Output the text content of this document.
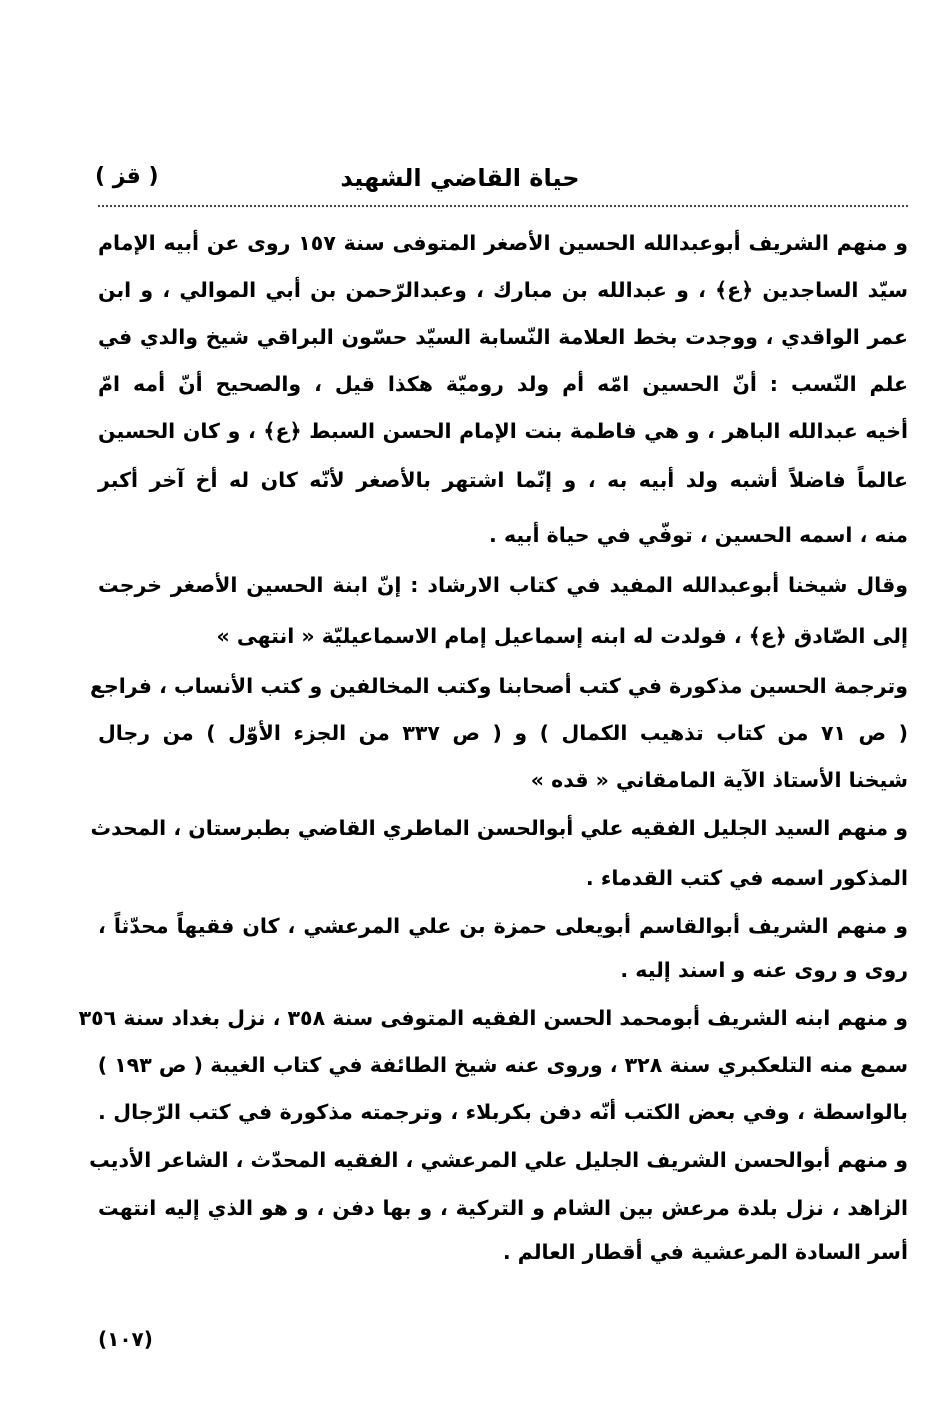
حياة القاضي الشهيد
( قز )
و منهم الشريف أبوعبدالله الحسين الأصغر المتوفى سنة ١٥٧ روى عن أبيه الإمام
سيّد الساجدين ﴿ع﴾ ، و عبدالله بن مبارك ، وعبدالرّحمن بن أبي الموالي ، و ابن
عمر الواقدي ، ووجدت بخط العلامة النّسابة السيّد حسّون البراقي شيخ والدي في
علم النّسب : أنّ الحسين امّه أم ولد روميّة هكذا قيل ، والصحيح أنّ أمه امّ
أخيه عبدالله الباهر ، و هي فاطمة بنت الإمام الحسن السبط ﴿ع﴾ ، و كان الحسين
عالماً فاضلاً أشبه ولد أبيه به ، و إنّما اشتهر بالأصغر لأنّه كان له أخ آخر أكبر
منه ، اسمه الحسين ، توفّي في حياة أبيه .
وقال شيخنا أبوعبدالله المفيد في كتاب الارشاد : إنّ ابنة الحسين الأصغر خرجت
إلى الصّادق ﴿ع﴾ ، فولدت له ابنه إسماعيل إمام الاسماعيليّة « انتهى »
وترجمة الحسين مذكورة في كتب أصحابنا وكتب المخالفين و كتب الأنساب ، فراجع
( ص ٧١ من كتاب تذهيب الكمال ) و ( ص ٣٣٧ من الجزء الأوّل ) من رجال
شيخنا الأستاذ الآية المامقاني « قده »
و منهم السيد الجليل الفقيه علي أبوالحسن الماطري القاضي بطبرستان ، المحدث
المذكور اسمه في كتب القدماء .
و منهم الشريف أبوالقاسم أبويعلى حمزة بن علي المرعشي ، كان فقيهاً محدّثاً ،
روى و روى عنه و اسند إليه .
و منهم ابنه الشريف أبومحمد الحسن الفقيه المتوفى سنة ٣٥٨ ، نزل بغداد سنة ٣٥٦
سمع منه التلعكبري سنة ٣٢٨ ، وروى عنه شيخ الطائفة في كتاب الغيبة ( ص ١٩٣ )
بالواسطة ، وفي بعض الكتب أنّه دفن بكربلاء ، وترجمته مذكورة في كتب الرّجال .
و منهم أبوالحسن الشريف الجليل علي المرعشي ، الفقيه المحدّث ، الشاعر الأديب
الزاهد ، نزل بلدة مرعش بين الشام و التركية ، و بها دفن ، و هو الذي إليه انتهت
أسر السادة المرعشية في أقطار العالم .
(١٠٧)
